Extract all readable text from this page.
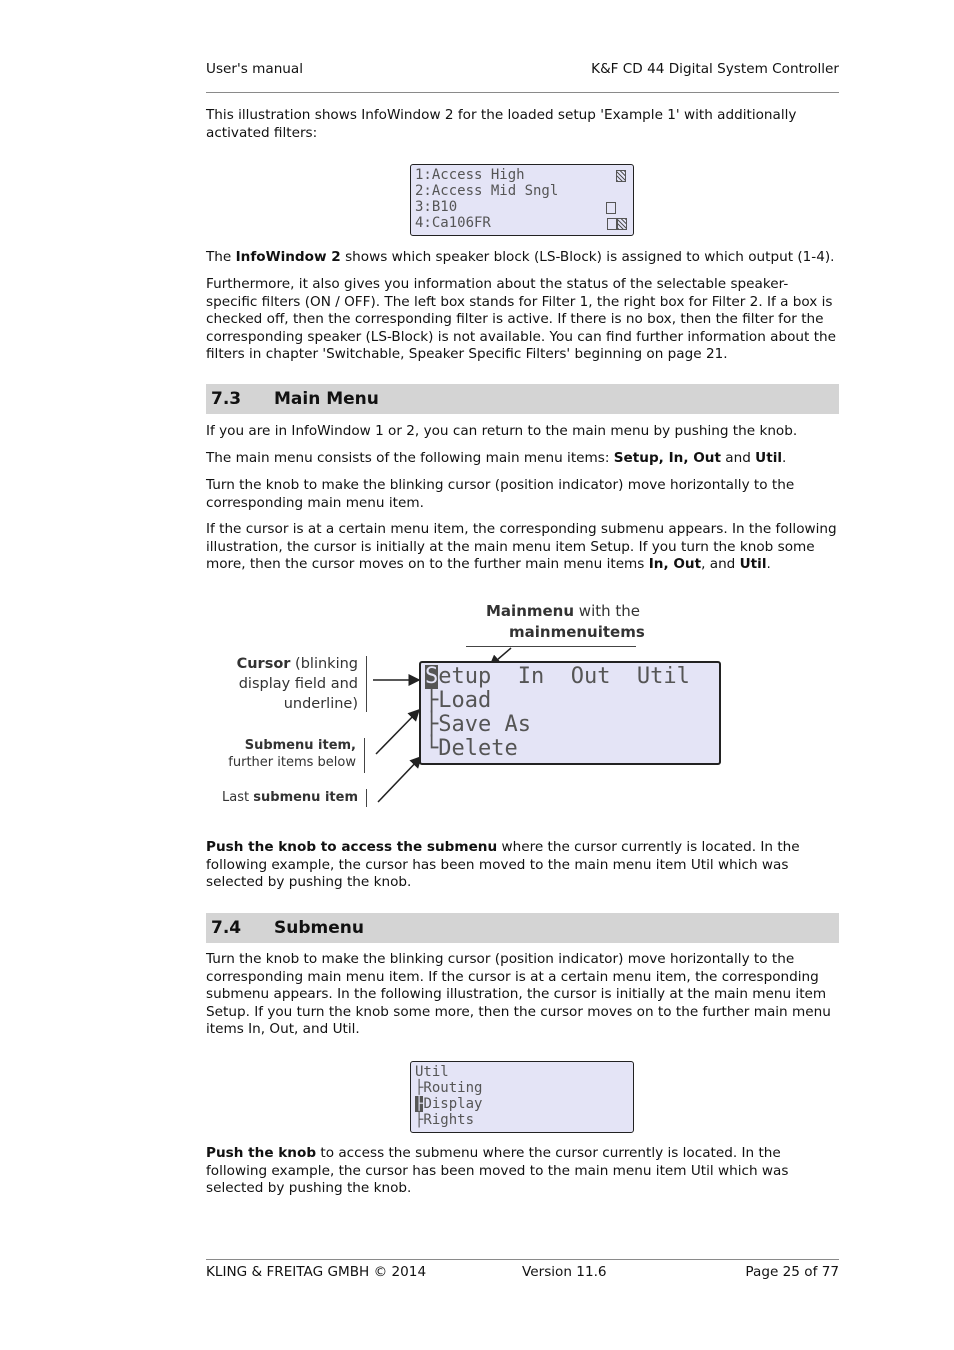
User's manual	K&F CD 44 Digital System Controller

This illustration shows InfoWindow 2 for the loaded setup 'Example 1' with additionally activated filters:

1:Access High
2:Access Mid Sngl
3:B10
4:Ca106FR

The InfoWindow 2 shows which speaker block (LS-Block) is assigned to which output (1-4).

Furthermore, it also gives you information about the status of the selectable speaker-specific filters (ON / OFF). The left box stands for Filter 1, the right box for Filter 2. If a box is checked off, then the corresponding filter is active. If there is no box, then the filter for the corresponding speaker (LS-Block) is not available. You can find further information about the filters in chapter 'Switchable, Speaker Specific Filters' beginning on page 21.

7.3 Main Menu

If you are in InfoWindow 1 or 2, you can return to the main menu by pushing the knob.

The main menu consists of the following main menu items: Setup, In, Out and Util.

Turn the knob to make the blinking cursor (position indicator) move horizontally to the corresponding main menu item.

If the cursor is at a certain menu item, the corresponding submenu appears. In the following illustration, the cursor is initially at the main menu item Setup. If you turn the knob some more, then the cursor moves on to the further main menu items In, Out, and Util.

Mainmenu with the
mainmenuitems
Cursor (blinking
display field and
underline)
Submenu item,
further items below
Last submenu item
Setup  In  Out  Util
├Load
├Save As
└Delete

Push the knob to access the submenu where the cursor currently is located. In the following example, the cursor has been moved to the main menu item Util which was selected by pushing the knob.

7.4 Submenu

Turn the knob to make the blinking cursor (position indicator) move horizontally to the corresponding main menu item. If the cursor is at a certain menu item, the corresponding submenu appears. In the following illustration, the cursor is initially at the main menu item Setup. If you turn the knob some more, then the cursor moves on to the further main menu items In, Out, and Util.

Util
├Routing
├Display
├Rights

Push the knob to access the submenu where the cursor currently is located. In the following example, the cursor has been moved to the main menu item Util which was selected by pushing the knob.

KLING & FREITAG GMBH © 2014	Version 11.6	Page 25 of 77
